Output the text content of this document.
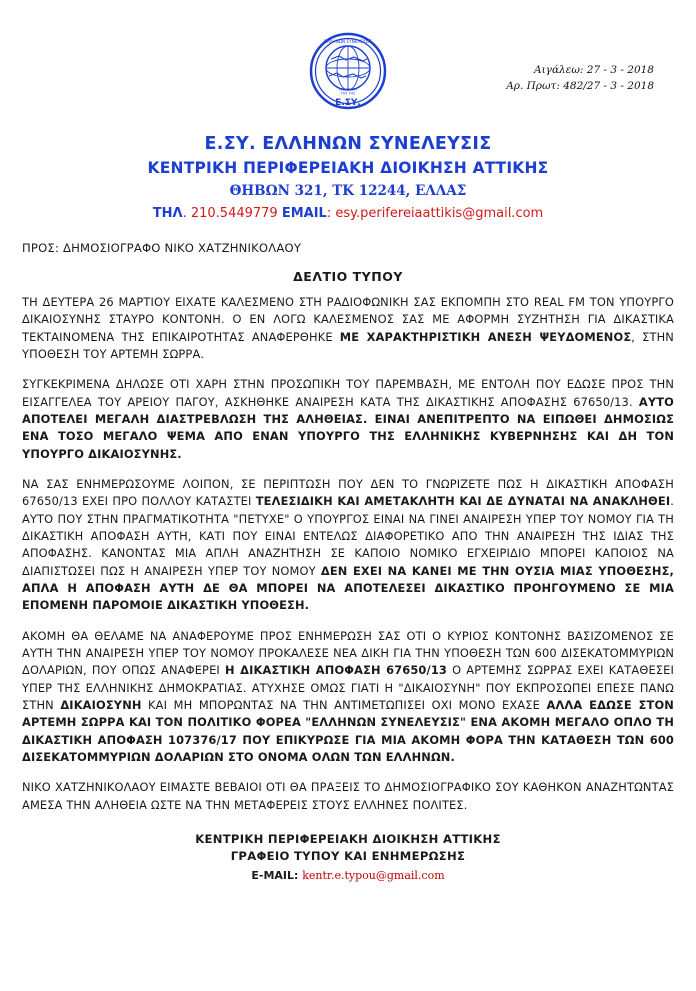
ΕΛΛΗΝΩΝ ΣΥΝΕΛΕΥΣΙΣ
ΠΑΝΤΑΧΟΥ
ΤΗΣ ΓΗΣ
Ε.ΣΥ.
Αιγάλεω: 27 - 3 - 2018
Αρ. Πρωτ: 482/27 - 3 - 2018
Ε.ΣΥ. ΕΛΛΗΝΩΝ ΣΥΝΕΛΕΥΣΙΣ
ΚΕΝΤΡΙΚΗ ΠΕΡΙΦΕΡΕΙΑΚΗ ΔΙΟΙΚΗΣΗ ΑΤΤΙΚΗΣ
ΘΗΒΩΝ 321, ΤΚ 12244, ΕΛΛΑΣ
ΤΗΛ. 210.5449779 ΕΜΑΙL: esy.perifereiaattikis@gmail.com
ΠΡΟΣ: ΔΗΜΟΣΙΟΓΡΑΦΟ ΝΙΚΟ ΧΑΤΖΗΝΙΚΟΛΑΟΥ
ΔΕΛΤΙΟ ΤΥΠΟΥ

ΤΗ ΔΕΥΤΕΡΑ 26 ΜΑΡΤΙΟΥ ΕΙΧΑΤΕ ΚΑΛΕΣΜΕΝΟ ΣΤΗ ΡΑΔΙΟΦΩΝΙΚΗ ΣΑΣ ΕΚΠΟΜΠΗ ΣΤΟ REAL FM ΤΟΝ ΥΠΟΥΡΓΟ ΔΙΚΑΙΟΣΥΝΗΣ ΣΤΑΥΡΟ ΚΟΝΤΟΝΗ. Ο ΕΝ ΛΟΓΩ ΚΑΛΕΣΜΕΝΟΣ ΣΑΣ ΜΕ ΑΦΟΡΜΗ ΣΥΖΗΤΗΣΗ ΓΙΑ ΔΙΚΑΣΤΙΚΑ ΤΕΚΤΑΙΝΟΜΕΝΑ ΤΗΣ ΕΠΙΚΑΙΡΟΤΗΤΑΣ ΑΝΑΦΕΡΘΗΚΕ ΜΕ ΧΑΡΑΚΤΗΡΙΣΤΙΚΗ ΑΝΕΣΗ ΨΕΥΔΟΜΕΝΟΣ, ΣΤΗΝ ΥΠΟΘΕΣΗ ΤΟΥ ΑΡΤΕΜΗ ΣΩΡΡΑ.

ΣΥΓΚΕΚΡΙΜΕΝΑ ΔΗΛΩΣΕ ΟΤΙ ΧΑΡΗ ΣΤΗΝ ΠΡΟΣΩΠΙΚΗ ΤΟΥ ΠΑΡΕΜΒΑΣΗ, ΜΕ ΕΝΤΟΛΗ ΠΟΥ ΕΔΩΣΕ ΠΡΟΣ ΤΗΝ ΕΙΣΑΓΓΕΛΕΑ ΤΟΥ ΑΡΕΙΟΥ ΠΑΓΟΥ, ΑΣΚΗΘΗΚΕ ΑΝΑΙΡΕΣΗ ΚΑΤΑ ΤΗΣ ΔΙΚΑΣΤΙΚΗΣ ΑΠΟΦΑΣΗΣ 67650/13. ΑΥΤΟ ΑΠΟΤΕΛΕΙ ΜΕΓΑΛΗ ΔΙΑΣΤΡΕΒΛΩΣΗ ΤΗΣ ΑΛΗΘΕΙΑΣ. ΕΙΝΑΙ ΑΝΕΠΙΤΡΕΠΤΟ ΝΑ ΕΙΠΩΘΕΙ ΔΗΜΟΣΙΩΣ ΕΝΑ ΤΟΣΟ ΜΕΓΑΛΟ ΨΕΜΑ ΑΠΟ ΕΝΑΝ ΥΠΟΥΡΓΟ ΤΗΣ ΕΛΛΗΝΙΚΗΣ ΚΥΒΕΡΝΗΣΗΣ ΚΑΙ ΔΗ ΤΟΝ ΥΠΟΥΡΓΟ ΔΙΚΑΙΟΣΥΝΗΣ.

ΝΑ ΣΑΣ ΕΝΗΜΕΡΩΣΟΥΜΕ ΛΟΙΠΟΝ, ΣΕ ΠΕΡΙΠΤΩΣΗ ΠΟΥ ΔΕΝ ΤΟ ΓΝΩΡΙΖΕΤΕ ΠΩΣ Η ΔΙΚΑΣΤΙΚΗ ΑΠΟΦΑΣΗ 67650/13 ΕΧΕΙ ΠΡΟ ΠΟΛΛΟΥ ΚΑΤΑΣΤΕΙ ΤΕΛΕΣΙΔΙΚΗ ΚΑΙ ΑΜΕΤΑΚΛΗΤΗ ΚΑΙ ΔΕ ΔΥΝΑΤΑΙ ΝΑ ΑΝΑΚΛΗΘΕΙ. ΑΥΤΟ ΠΟΥ ΣΤΗΝ ΠΡΑΓΜΑΤΙΚΟΤΗΤΑ "ΠΕΤΥΧΕ" Ο ΥΠΟΥΡΓΟΣ ΕΙΝΑΙ ΝΑ ΓΙΝΕΙ ΑΝΑΙΡΕΣΗ ΥΠΕΡ ΤΟΥ ΝΟΜΟΥ ΓΙΑ ΤΗ ΔΙΚΑΣΤΙΚΗ ΑΠΟΦΑΣΗ ΑΥΤΗ, ΚΑΤΙ ΠΟΥ ΕΙΝΑΙ ΕΝΤΕΛΩΣ ΔΙΑΦΟΡΕΤΙΚΟ ΑΠΟ ΤΗΝ ΑΝΑΙΡΕΣΗ ΤΗΣ ΙΔΙΑΣ ΤΗΣ ΑΠΟΦΑΣΗΣ. ΚΑΝΟΝΤΑΣ ΜΙΑ ΑΠΛΗ ΑΝΑΖΗΤΗΣΗ ΣΕ ΚΑΠΟΙΟ ΝΟΜΙΚΟ ΕΓΧΕΙΡΙΔΙΟ ΜΠΟΡΕΙ ΚΑΠΟΙΟΣ ΝΑ ΔΙΑΠΙΣΤΩΣΕΙ ΠΩΣ Η ΑΝΑΙΡΕΣΗ ΥΠΕΡ ΤΟΥ ΝΟΜΟΥ ΔΕΝ ΕΧΕΙ ΝΑ ΚΑΝΕΙ ΜΕ ΤΗΝ ΟΥΣΙΑ ΜΙΑΣ ΥΠΟΘΕΣΗΣ, ΑΠΛΑ Η ΑΠΟΦΑΣΗ ΑΥΤΗ ΔΕ ΘΑ ΜΠΟΡΕΙ ΝΑ ΑΠΟΤΕΛΕΣΕΙ ΔΙΚΑΣΤΙΚΟ ΠΡΟΗΓΟΥΜΕΝΟ ΣΕ ΜΙΑ ΕΠΟΜΕΝΗ ΠΑΡΟΜΟΙΕ ΔΙΚΑΣΤΙΚΗ ΥΠΟΘΕΣΗ.

ΑΚΟΜΗ ΘΑ ΘΕΛΑΜΕ ΝΑ ΑΝΑΦΕΡΟΥΜΕ ΠΡΟΣ ΕΝΗΜΕΡΩΣΗ ΣΑΣ ΟΤΙ Ο ΚΥΡΙΟΣ ΚΟΝΤΟΝΗΣ ΒΑΣΙΖΟΜΕΝΟΣ ΣΕ ΑΥΤΗ ΤΗΝ ΑΝΑΙΡΕΣΗ ΥΠΕΡ ΤΟΥ ΝΟΜΟΥ ΠΡΟΚΑΛΕΣΕ ΝΕΑ ΔΙΚΗ ΓΙΑ ΤΗΝ ΥΠΟΘΕΣΗ ΤΩΝ 600 ΔΙΣΕΚΑΤΟΜΜΥΡΙΩΝ ΔΟΛΑΡΙΩΝ, ΠΟΥ ΟΠΩΣ ΑΝΑΦΕΡΕΙ Η ΔΙΚΑΣΤΙΚΗ ΑΠΟΦΑΣΗ 67650/13 Ο ΑΡΤΕΜΗΣ ΣΩΡΡΑΣ ΕΧΕΙ ΚΑΤΑΘΕΣΕΙ ΥΠΕΡ ΤΗΣ ΕΛΛΗΝΙΚΗΣ ΔΗΜΟΚΡΑΤΙΑΣ. ΑΤΥΧΗΣΕ ΟΜΩΣ ΓΙΑΤΙ Η "ΔΙΚΑΙΟΣΥΝΗ" ΠΟΥ ΕΚΠΡΟΣΩΠΕΙ ΕΠΕΣΕ ΠΑΝΩ ΣΤΗΝ ΔΙΚΑΙΟΣΥΝΗ ΚΑΙ ΜΗ ΜΠΟΡΩΝΤΑΣ ΝΑ ΤΗΝ ΑΝΤΙΜΕΤΩΠΙΣΕΙ ΟΧΙ ΜΟΝΟ ΕΧΑΣΕ ΑΛΛΑ ΕΔΩΣΕ ΣΤΟΝ ΑΡΤΕΜΗ ΣΩΡΡΑ ΚΑΙ ΤΟΝ ΠΟΛΙΤΙΚΟ ΦΟΡΕΑ "ΕΛΛΗΝΩΝ ΣΥΝΕΛΕΥΣΙΣ" ΕΝΑ ΑΚΟΜΗ ΜΕΓΑΛΟ ΟΠΛΟ ΤΗ ΔΙΚΑΣΤΙΚΗ ΑΠΟΦΑΣΗ 107376/17 ΠΟΥ ΕΠΙΚΥΡΩΣΕ ΓΙΑ ΜΙΑ ΑΚΟΜΗ ΦΟΡΑ ΤΗΝ ΚΑΤΑΘΕΣΗ ΤΩΝ 600 ΔΙΣΕΚΑΤΟΜΜΥΡΙΩΝ ΔΟΛΑΡΙΩΝ ΣΤΟ ΟΝΟΜΑ ΟΛΩΝ ΤΩΝ ΕΛΛΗΝΩΝ.

ΝΙΚΟ ΧΑΤΖΗΝΙΚΟΛΑΟΥ ΕΙΜΑΣΤΕ ΒΕΒΑΙΟΙ ΟΤΙ ΘΑ ΠΡΑΞΕΙΣ ΤΟ ΔΗΜΟΣΙΟΓΡΑΦΙΚΟ ΣΟΥ ΚΑΘΗΚΟΝ ΑΝΑΖΗΤΩΝΤΑΣ ΑΜΕΣΑ ΤΗΝ ΑΛΗΘΕΙΑ ΩΣΤΕ ΝΑ ΤΗΝ ΜΕΤΑΦΕΡΕΙΣ ΣΤΟΥΣ ΕΛΛΗΝΕΣ ΠΟΛΙΤΕΣ.

ΚΕΝΤΡΙΚΗ ΠΕΡΙΦΕΡΕΙΑΚΗ ΔΙΟΙΚΗΣΗ ΑΤΤΙΚΗΣ
ΓΡΑΦΕΙΟ ΤΥΠΟΥ ΚΑΙ ΕΝΗΜΕΡΩΣΗΣ
E-MAIL: kentr.e.typou@gmail.com
